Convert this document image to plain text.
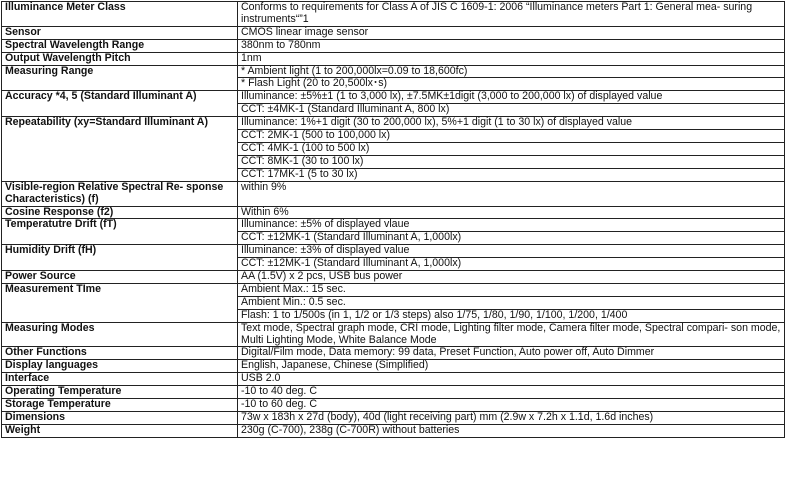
Illuminance Meter Class	Conforms to requirements for Class A of JIS C 1609-1: 2006 “Illuminance meters Part 1: General mea- suring instruments“”1
Sensor	CMOS linear image sensor
Spectral Wavelength Range	380nm to 780nm
Output Wavelength Pitch	1nm
Measuring Range	* Ambient light (1 to 200,000lx=0.09 to 18,600fc)
	* Flash Light (20 to 20,500lx･s)
Accuracy *4, 5 (Standard Illuminant A)	Illuminance: ±5%±1 (1 to 3,000 lx), ±7.5MK±1digit (3,000 to 200,000 lx) of displayed value
	CCT: ±4MK-1 (Standard Illuminant A, 800 lx)
Repeatability (xy=Standard Illuminant A)	Illuminance: 1%+1 digit (30 to 200,000 lx), 5%+1 digit (1 to 30 lx) of displayed value
	CCT: 2MK-1 (500 to 100,000 lx)
	CCT: 4MK-1 (100 to 500 lx)
	CCT: 8MK-1 (30 to 100 lx)
	CCT: 17MK-1 (5 to 30 lx)
Visible-region Relative Spectral Re- sponse Characteristics) (f)	within 9%
Cosine Response (f2)	Within 6%
Temperatutre Drift (fT)	Illuminance: ±5% of displayed vlaue
	CCT: ±12MK-1 (Standard Illuminant A, 1,000lx)
Humidity Drift (fH)	Illuminance: ±3% of displayed value
	CCT: ±12MK-1 (Standard Illuminant A, 1,000lx)
Power Source	AA (1.5V) x 2 pcs, USB bus power
Measurement TIme	Ambient Max.: 15 sec.
	Ambient Min.: 0.5 sec.
	Flash: 1 to 1/500s (in 1, 1/2 or 1/3 steps) also 1/75, 1/80, 1/90, 1/100, 1/200, 1/400
Measuring Modes	Text mode, Spectral graph mode, CRI mode, Lighting filter mode, Camera filter mode, Spectral compari- son mode, Multi Lighting Mode, White Balance Mode
Other Functions	Digital/Film mode, Data memory: 99 data, Preset Function, Auto power off, Auto Dimmer
Display languages	English, Japanese, Chinese (Simplified)
Interface	USB 2.0
Operating Temperature	-10 to 40 deg. C
Storage Temperature	-10 to 60 deg. C
Dimensions	73w x 183h x 27d (body), 40d (light receiving part) mm (2.9w x 7.2h x 1.1d, 1.6d inches)
Weight	230g (C-700), 238g (C-700R) without batteries
